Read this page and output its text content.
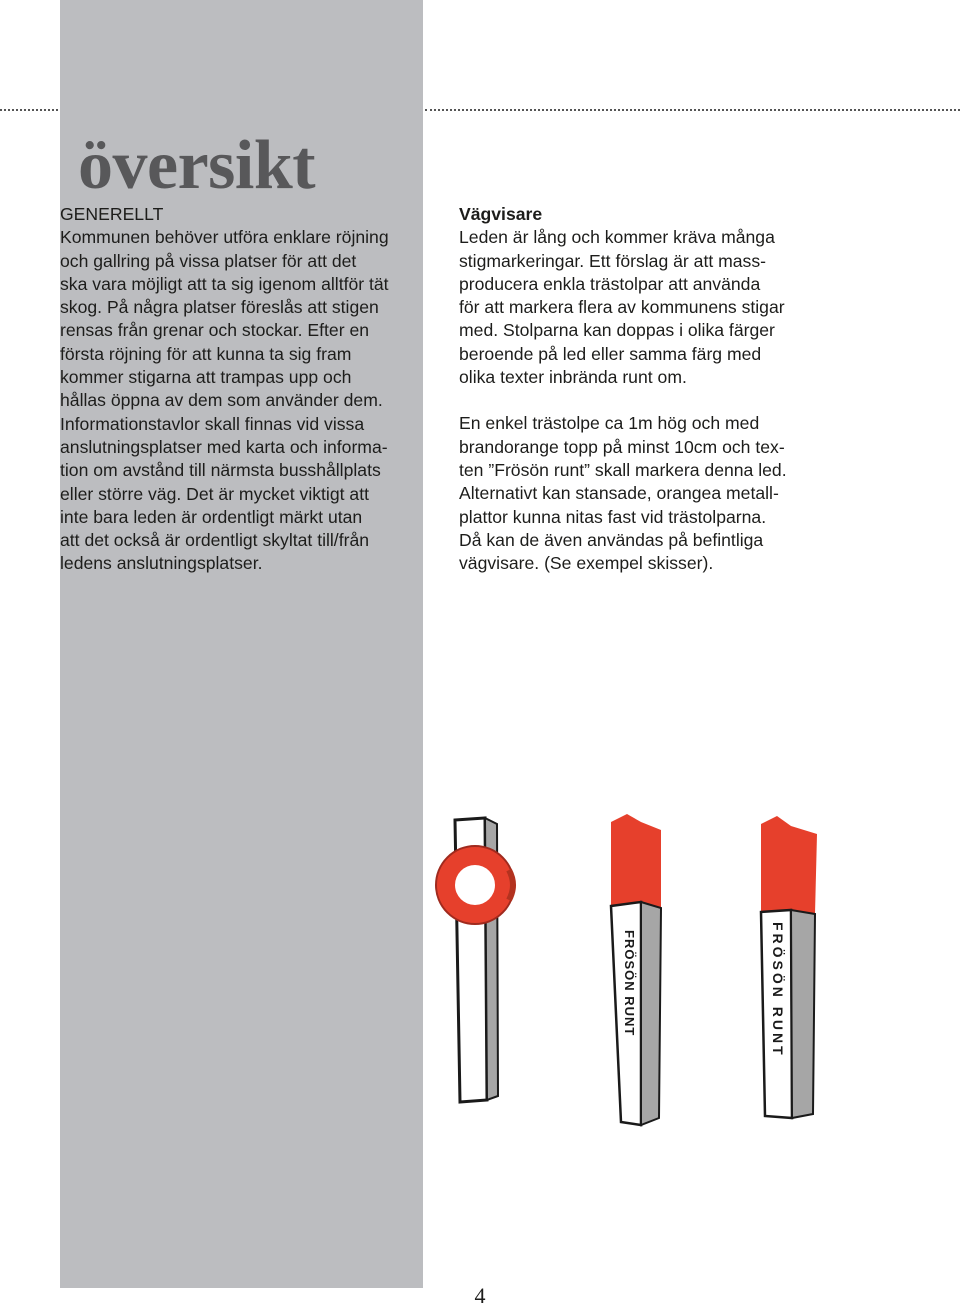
översikt
GENERELLT

Kommunen behöver utföra enklare röjning
och gallring på vissa platser för att det
ska vara möjligt att ta sig igenom alltför tät
skog. På några platser föreslås att stigen
rensas från grenar och stockar. Efter en
första röjning för att kunna ta sig fram
kommer stigarna att trampas upp och
hållas öppna av dem som använder dem.
Informationstavlor skall finnas vid vissa
anslutningsplatser med karta och informa-
tion om avstånd till närmsta busshållplats
eller större väg. Det är mycket viktigt att
inte bara leden är ordentligt märkt utan
att det också är ordentligt skyltat till/från
ledens anslutningsplatser.

Vägvisare

Leden är lång och kommer kräva många
stigmarkeringar. Ett förslag är att mass-
producera enkla trästolpar att använda
för att markera flera av kommunens stigar
med. Stolparna kan doppas i olika färger
beroende på led eller samma färg med
olika texter inbrända runt om.

En enkel trästolpe ca 1m hög och med
brandorange topp på minst 10cm och tex-
ten ”Frösön runt” skall markera denna led.
Alternativt kan stansade, orangea metall-
plattor kunna nitas fast vid trästolparna.
Då kan de även användas på befintliga
vägvisare. (Se exempel skisser).

FRÖSÖN RUNT	FRÖSÖN RUNT
4
